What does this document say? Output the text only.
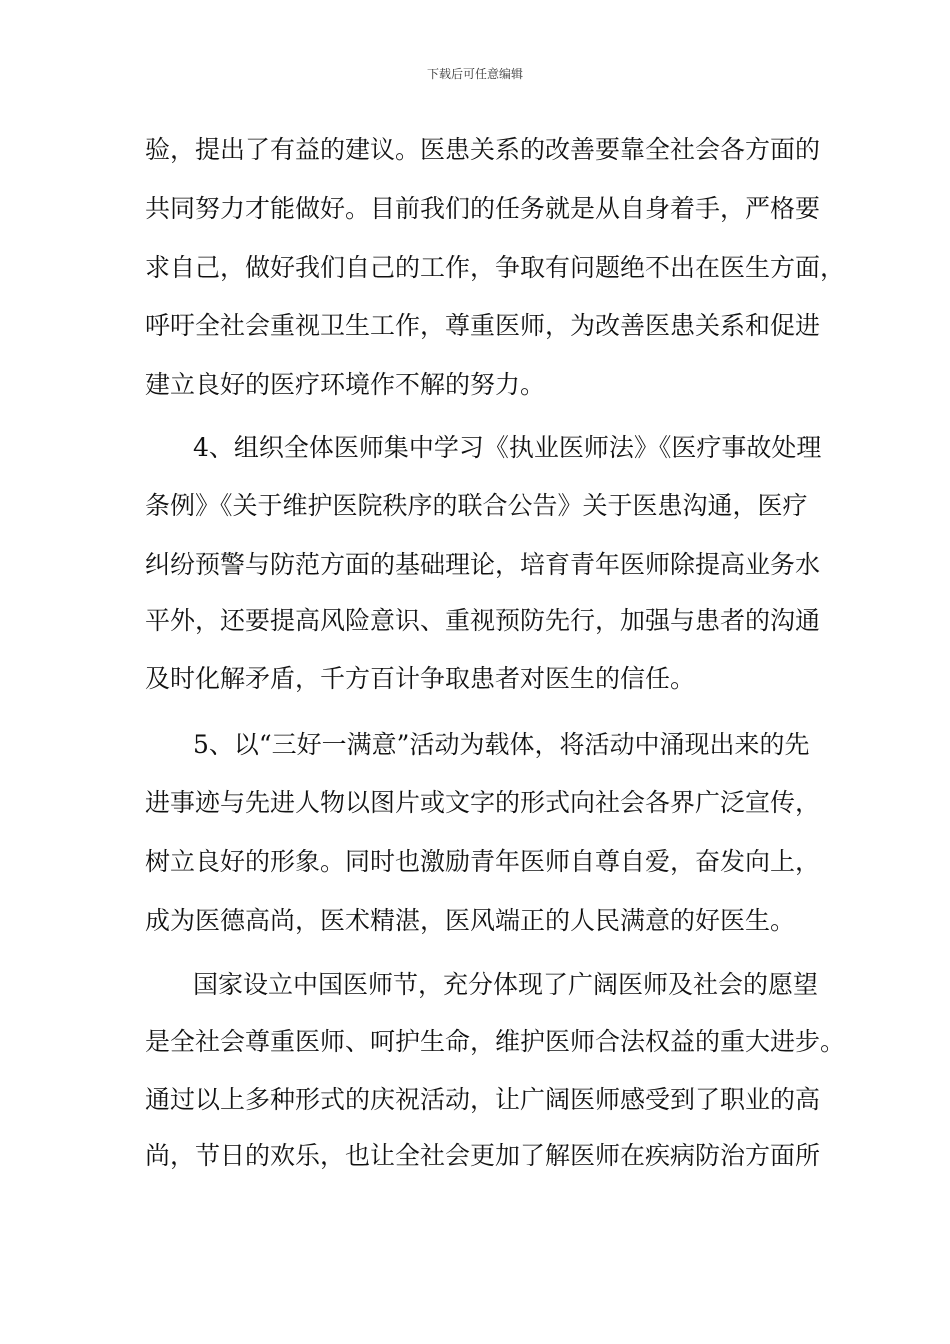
下载后可任意编辑
验，提出了有益的建议。医患关系的改善要靠全社会各方面的
共同努力才能做好。目前我们的任务就是从自身着手，严格要
求自己，做好我们自己的工作，争取有问题绝不出在医生方面，
呼吁全社会重视卫生工作，尊重医师，为改善医患关系和促进
建立良好的医疗环境作不解的努力。
4、组织全体医师集中学习《执业医师法》《医疗事故处理
条例》《关于维护医院秩序的联合公告》关于医患沟通，医疗
纠纷预警与防范方面的基础理论，培育青年医师除提高业务水
平外，还要提高风险意识、重视预防先行，加强与患者的沟通
及时化解矛盾，千方百计争取患者对医生的信任。
5、以“三好一满意”活动为载体，将活动中涌现出来的先
进事迹与先进人物以图片或文字的形式向社会各界广泛宣传，
树立良好的形象。同时也激励青年医师自尊自爱，奋发向上，
成为医德高尚，医术精湛，医风端正的人民满意的好医生。
国家设立中国医师节，充分体现了广阔医师及社会的愿望
是全社会尊重医师、呵护生命，维护医师合法权益的重大进步。
通过以上多种形式的庆祝活动，让广阔医师感受到了职业的高
尚，节日的欢乐，也让全社会更加了解医师在疾病防治方面所
